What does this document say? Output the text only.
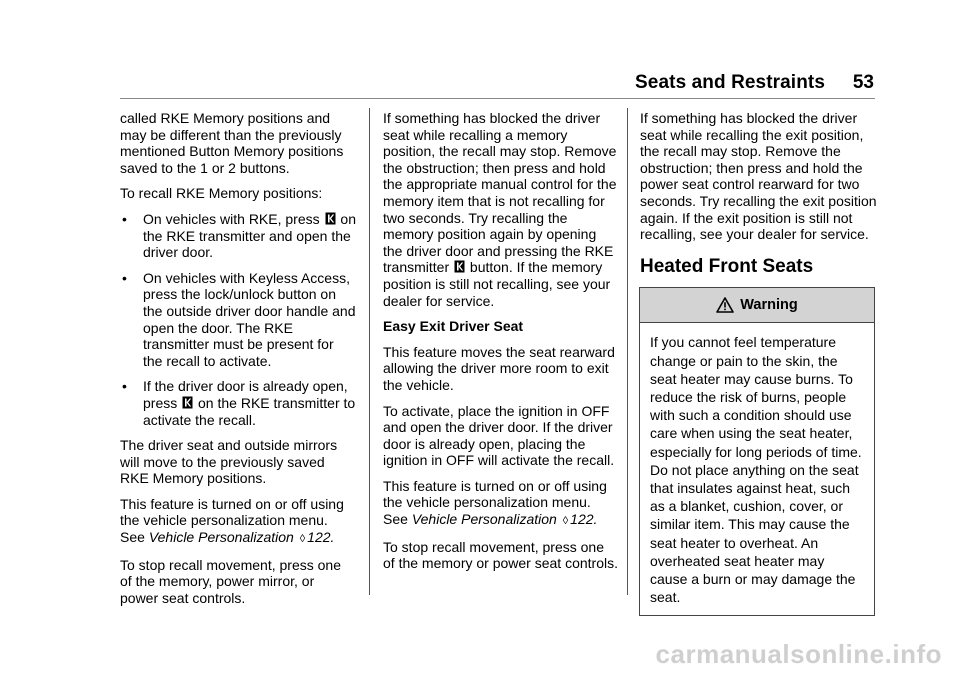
Seats and Restraints 53

called RKE Memory positions and may be different than the previously mentioned Button Memory positions saved to the 1 or 2 buttons.

To recall RKE Memory positions:

• On vehicles with RKE, press on the RKE transmitter and open the driver door.
• On vehicles with Keyless Access, press the lock/unlock button on the outside driver door handle and open the door. The RKE transmitter must be present for the recall to activate.
• If the driver door is already open, press on the RKE transmitter to activate the recall.

The driver seat and outside mirrors will move to the previously saved RKE Memory positions.

This feature is turned on or off using the vehicle personalization menu. See Vehicle Personalization ◊ 122.

To stop recall movement, press one of the memory, power mirror, or power seat controls.

If something has blocked the driver seat while recalling a memory position, the recall may stop. Remove the obstruction; then press and hold the appropriate manual control for the memory item that is not recalling for two seconds. Try recalling the memory position again by opening the driver door and pressing the RKE transmitter button. If the memory position is still not recalling, see your dealer for service.

Easy Exit Driver Seat

This feature moves the seat rearward allowing the driver more room to exit the vehicle.

To activate, place the ignition in OFF and open the driver door. If the driver door is already open, placing the ignition in OFF will activate the recall.

This feature is turned on or off using the vehicle personalization menu. See Vehicle Personalization ◊ 122.

To stop recall movement, press one of the memory or power seat controls.

If something has blocked the driver seat while recalling the exit position, the recall may stop. Remove the obstruction; then press and hold the power seat control rearward for two seconds. Try recalling the exit position again. If the exit position is still not recalling, see your dealer for service.

Heated Front Seats
Warning
If you cannot feel temperature change or pain to the skin, the seat heater may cause burns. To reduce the risk of burns, people with such a condition should use care when using the seat heater, especially for long periods of time. Do not place anything on the seat that insulates against heat, such as a blanket, cushion, cover, or similar item. This may cause the seat heater to overheat. An overheated seat heater may cause a burn or may damage the seat.
carmanualsonline.info
